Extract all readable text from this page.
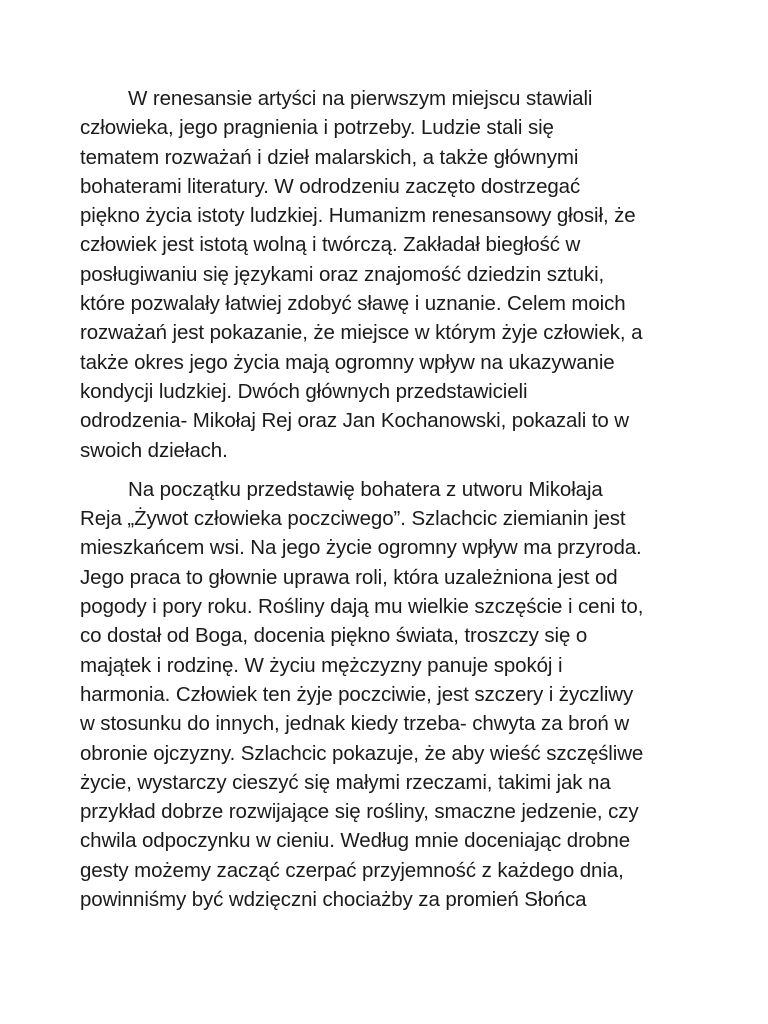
W renesansie artyści na pierwszym miejscu stawiali
człowieka, jego pragnienia i potrzeby. Ludzie stali się
tematem rozważań i dzieł malarskich, a także głównymi
bohaterami literatury. W odrodzeniu zaczęto dostrzegać
piękno życia istoty ludzkiej. Humanizm renesansowy głosił, że
człowiek jest istotą wolną i twórczą. Zakładał biegłość w
posługiwaniu się językami oraz znajomość dziedzin sztuki,
które pozwalały łatwiej zdobyć sławę i uznanie. Celem moich
rozważań jest pokazanie, że miejsce w którym żyje człowiek, a
także okres jego życia mają ogromny wpływ na ukazywanie
kondycji ludzkiej. Dwóch głównych przedstawicieli
odrodzenia- Mikołaj Rej oraz Jan Kochanowski, pokazali to w
swoich dziełach.
Na początku przedstawię bohatera z utworu Mikołaja
Reja „Żywot człowieka poczciwego”. Szlachcic ziemianin jest
mieszkańcem wsi. Na jego życie ogromny wpływ ma przyroda.
Jego praca to głownie uprawa roli, która uzależniona jest od
pogody i pory roku. Rośliny dają mu wielkie szczęście i ceni to,
co dostał od Boga, docenia piękno świata, troszczy się o
majątek i rodzinę. W życiu mężczyzny panuje spokój i
harmonia. Człowiek ten żyje poczciwie, jest szczery i życzliwy
w stosunku do innych, jednak kiedy trzeba- chwyta za broń w
obronie ojczyzny. Szlachcic pokazuje, że aby wieść szczęśliwe
życie, wystarczy cieszyć się małymi rzeczami, takimi jak na
przykład dobrze rozwijające się rośliny, smaczne jedzenie, czy
chwila odpoczynku w cieniu. Według mnie doceniając drobne
gesty możemy zacząć czerpać przyjemność z każdego dnia,
powinniśmy być wdzięczni chociażby za promień Słońca
